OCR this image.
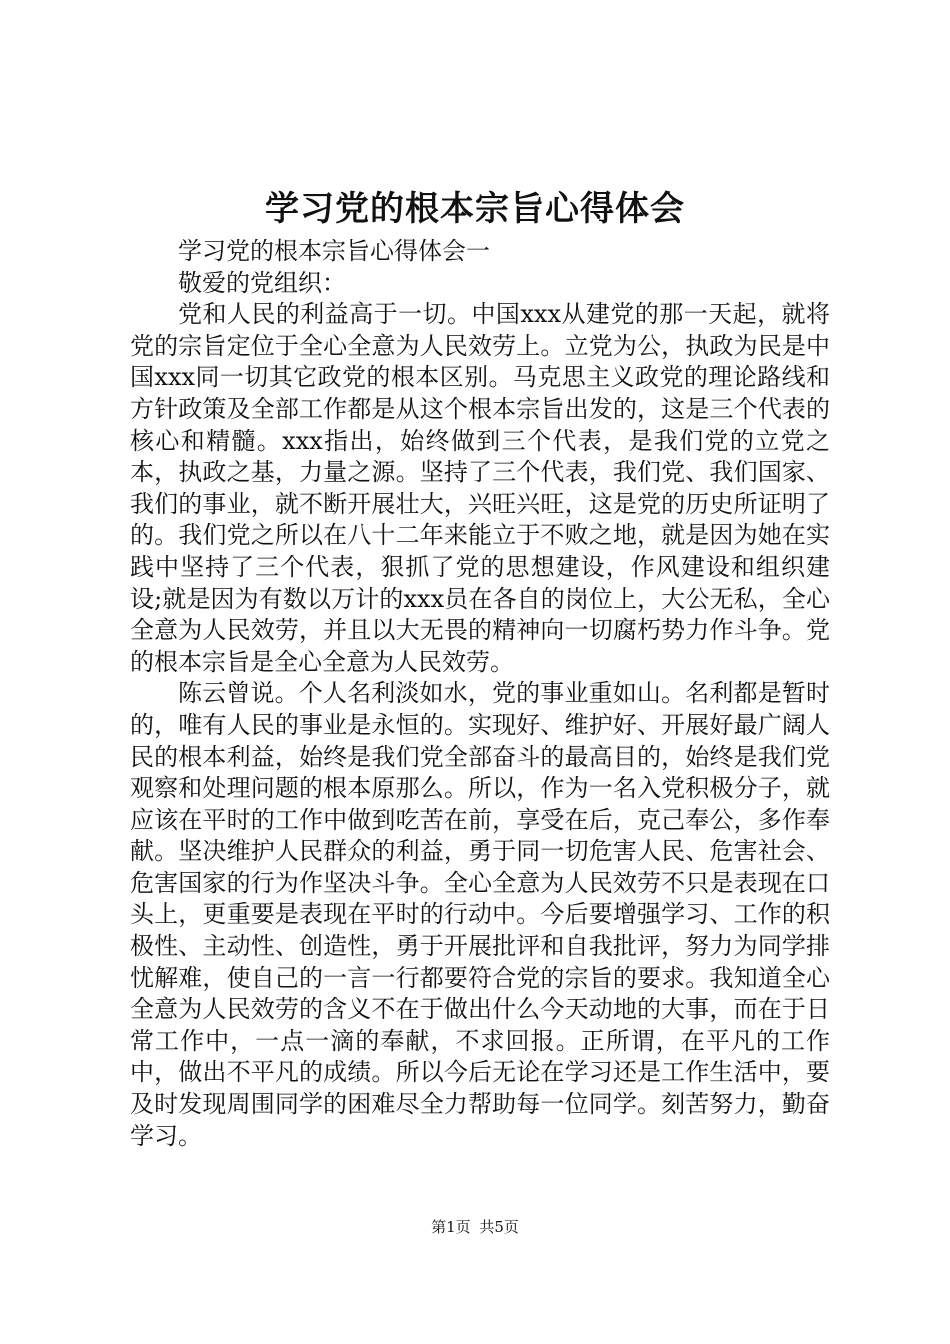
学习党的根本宗旨心得体会

学习党的根本宗旨心得体会一

敬爱的党组织：

党和人民的利益高于一切。中国xxx从建党的那一天起，就将党的宗旨定位于全心全意为人民效劳上。立党为公，执政为民是中国xxx同一切其它政党的根本区别。马克思主义政党的理论路线和方针政策及全部工作都是从这个根本宗旨出发的，这是三个代表的核心和精髓。xxx指出，始终做到三个代表，是我们党的立党之本，执政之基，力量之源。坚持了三个代表，我们党、我们国家、我们的事业，就不断开展壮大，兴旺兴旺，这是党的历史所证明了的。我们党之所以在八十二年来能立于不败之地，就是因为她在实践中坚持了三个代表，狠抓了党的思想建设，作风建设和组织建设;就是因为有数以万计的xxx员在各自的岗位上，大公无私，全心全意为人民效劳，并且以大无畏的精神向一切腐朽势力作斗争。党的根本宗旨是全心全意为人民效劳。

陈云曾说。个人名利淡如水，党的事业重如山。名利都是暂时的，唯有人民的事业是永恒的。实现好、维护好、开展好最广阔人民的根本利益，始终是我们党全部奋斗的最高目的，始终是我们党观察和处理问题的根本原那么。所以，作为一名入党积极分子，就应该在平时的工作中做到吃苦在前，享受在后，克己奉公，多作奉献。坚决维护人民群众的利益，勇于同一切危害人民、危害社会、危害国家的行为作坚决斗争。全心全意为人民效劳不只是表现在口头上，更重要是表现在平时的行动中。今后要增强学习、工作的积极性、主动性、创造性，勇于开展批评和自我批评，努力为同学排忧解难，使自己的一言一行都要符合党的宗旨的要求。我知道全心全意为人民效劳的含义不在于做出什么今天动地的大事，而在于日常工作中，一点一滴的奉献，不求回报。正所谓，在平凡的工作中，做出不平凡的成绩。所以今后无论在学习还是工作生活中，要及时发现周围同学的困难尽全力帮助每一位同学。刻苦努力，勤奋学习。

第1页 共5页
